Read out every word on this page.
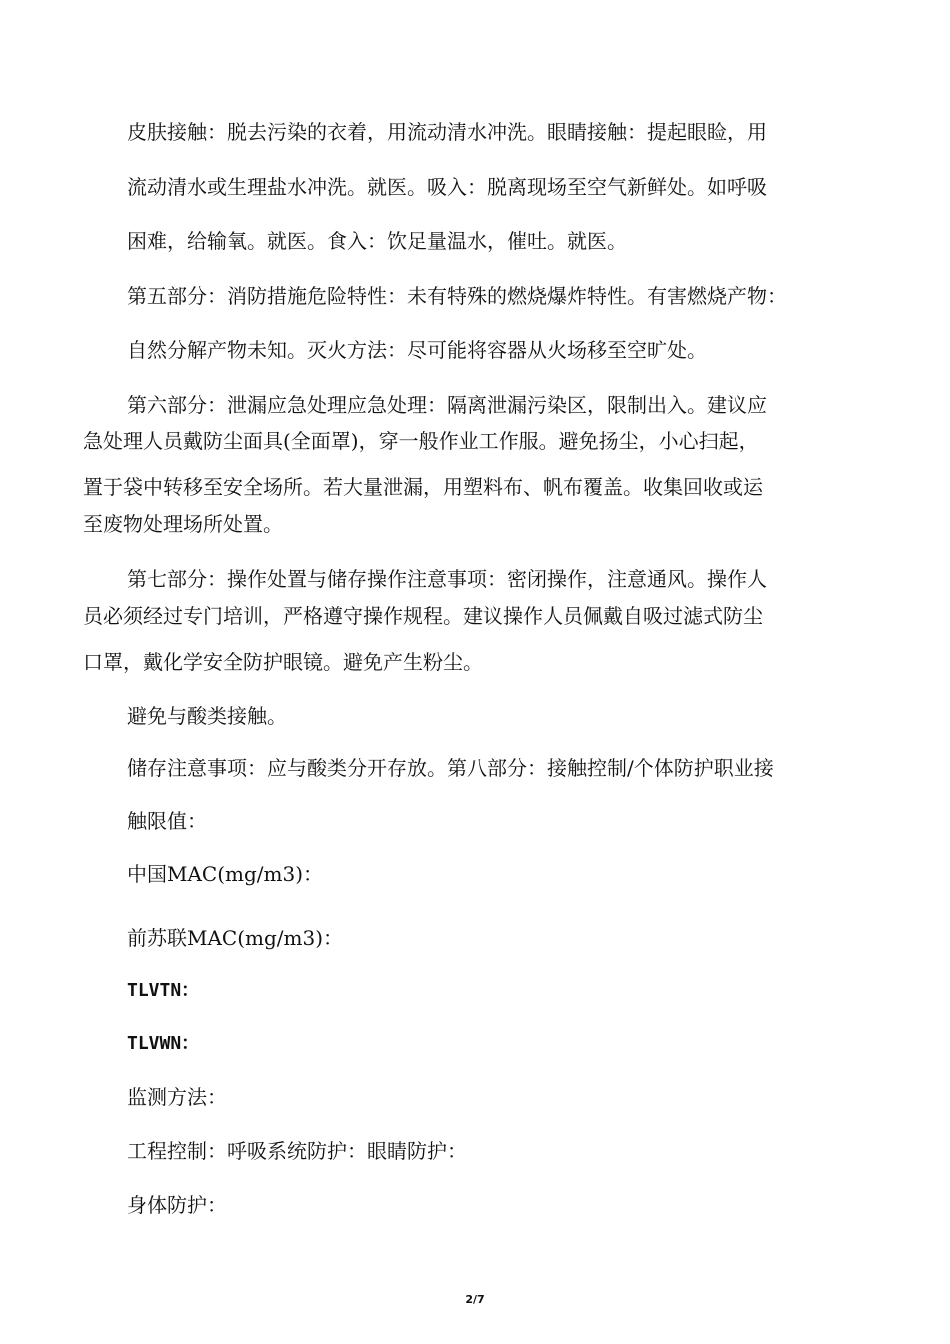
皮肤接触：脱去污染的衣着，用流动清水冲洗。眼睛接触：提起眼睑，用

流动清水或生理盐水冲洗。就医。吸入：脱离现场至空气新鲜处。如呼吸

困难，给输氧。就医。食入：饮足量温水，催吐。就医。

第五部分：消防措施危险特性：未有特殊的燃烧爆炸特性。有害燃烧产物：

自然分解产物未知。灭火方法：尽可能将容器从火场移至空旷处。

第六部分：泄漏应急处理应急处理：隔离泄漏污染区，限制出入。建议应

急处理人员戴防尘面具(全面罩)，穿一般作业工作服。避免扬尘，小心扫起，

置于袋中转移至安全场所。若大量泄漏，用塑料布、帆布覆盖。收集回收或运

至废物处理场所处置。

第七部分：操作处置与储存操作注意事项：密闭操作，注意通风。操作人

员必须经过专门培训，严格遵守操作规程。建议操作人员佩戴自吸过滤式防尘

口罩，戴化学安全防护眼镜。避免产生粉尘。

避免与酸类接触。

储存注意事项：应与酸类分开存放。第八部分：接触控制/个体防护职业接

触限值：

中国MAC(mg/m3)：

前苏联MAC(mg/m3)：

TLVTN：

TLVWN：

监测方法：

工程控制：呼吸系统防护：眼睛防护：

身体防护：

2/7
